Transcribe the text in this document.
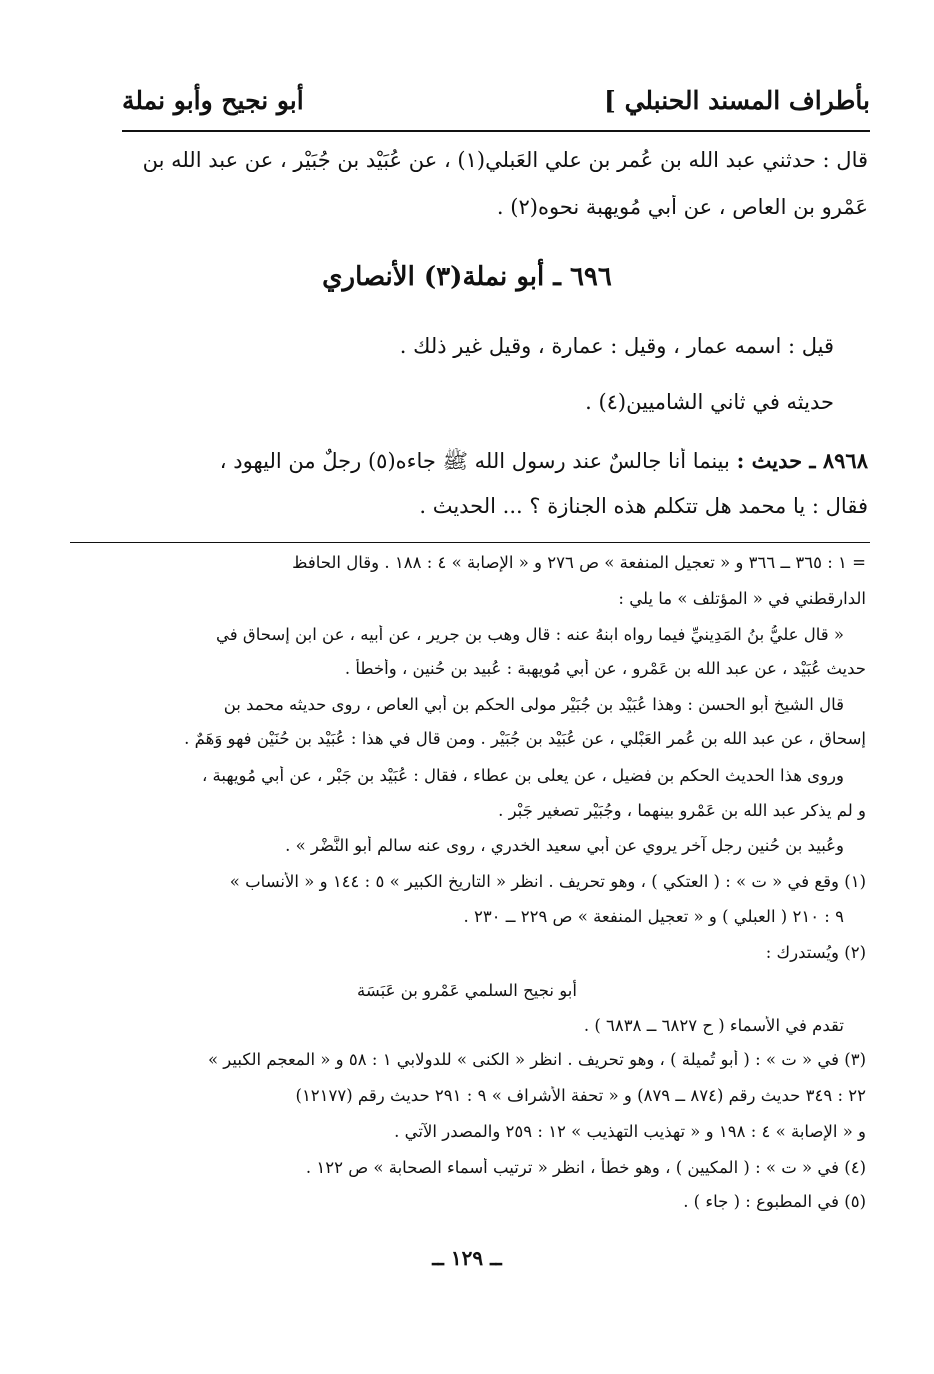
بأطراف المسند الحنبلي ]
أبو نجيح وأبو نملة
قال : حدثني عبد الله بن عُمر بن علي العَبلي(١) ، عن عُبَيْد بن جُبَيْر ، عن عبد الله بن
عَمْرو بن العاص ، عن أبي مُويهبة نحوه(٢) .
٦٩٦ ـ أبو نملة(٣) الأنصاري
قيل : اسمه عمار ، وقيل : عمارة ، وقيل غير ذلك .
حديثه في ثاني الشاميين(٤) .
٨٩٦٨ ـ حديث : بينما أنا جالسٌ عند رسول الله ﷺ جاءه(٥) رجلٌ من اليهود ،
فقال : يا محمد هل تتكلم هذه الجنازة ؟ ... الحديث .
= ١ : ٣٦٥ ــ ٣٦٦ و « تعجيل المنفعة » ص ٢٧٦ و « الإصابة » ٤ : ١٨٨ . وقال الحافظ
الدارقطني في « المؤتلف » ما يلي :
« قال عليُّ بنُ المَدِينيِّ فيما رواه ابنهُ عنه : قال وهب بن جرير ، عن أبيه ، عن ابن إسحاق في
حديث عُبَيْد ، عن عبد الله بن عَمْرو ، عن أبي مُويهبة : عُبيد بن حُنين ، وأخطأ .
قال الشيخ أبو الحسن : وهذا عُبَيْد بن جُبَيْر مولى الحكم بن أبي العاص ، روى حديثه محمد بن
إسحاق ، عن عبد الله بن عُمر العَبْلي ، عن عُبَيْد بن جُبَيْر . ومن قال في هذا : عُبَيْد بن حُنَيْن فهو وَهَمٌ .
وروى هذا الحديث الحكم بن فضيل ، عن يعلى بن عطاء ، فقال : عُبَيْد بن جَبْر ، عن أبي مُويهبة ،
و لم يذكر عبد الله بن عَمْرو بينهما ، وجُبَيْر تصغير جَبْر .
وعُبيد بن حُنين رجل آخر يروي عن أبي سعيد الخدري ، روى عنه سالم أبو النَّضْر » .
(١) وقع في « ت » : ( العتكي ) ، وهو تحريف . انظر « التاريخ الكبير » ٥ : ١٤٤ و « الأنساب »
٩ : ٢١٠ ( العبلي ) و « تعجيل المنفعة » ص ٢٢٩ ــ ٢٣٠ .
(٢) ويُستدرك :
أبو نجيح السلمي عَمْرو بن عَبَسَة
تقدم في الأسماء ( ح ٦٨٢٧ ــ ٦٨٣٨ ) .
(٣) في « ت » : ( أبو تُميلة ) ، وهو تحريف . انظر « الكنى » للدولابي ١ : ٥٨ و « المعجم الكبير »
٢٢ : ٣٤٩ حديث رقم (٨٧٤ ــ ٨٧٩) و « تحفة الأشراف » ٩ : ٢٩١ حديث رقم (١٢١٧٧)
و « الإصابة » ٤ : ١٩٨ و « تهذيب التهذيب » ١٢ : ٢٥٩ والمصدر الآتي .
(٤) في « ت » : ( المكيين ) ، وهو خطأ ، انظر « ترتيب أسماء الصحابة » ص ١٢٢ .
(٥) في المطبوع : ( جاء ) .
ــ ١٢٩ ــ
